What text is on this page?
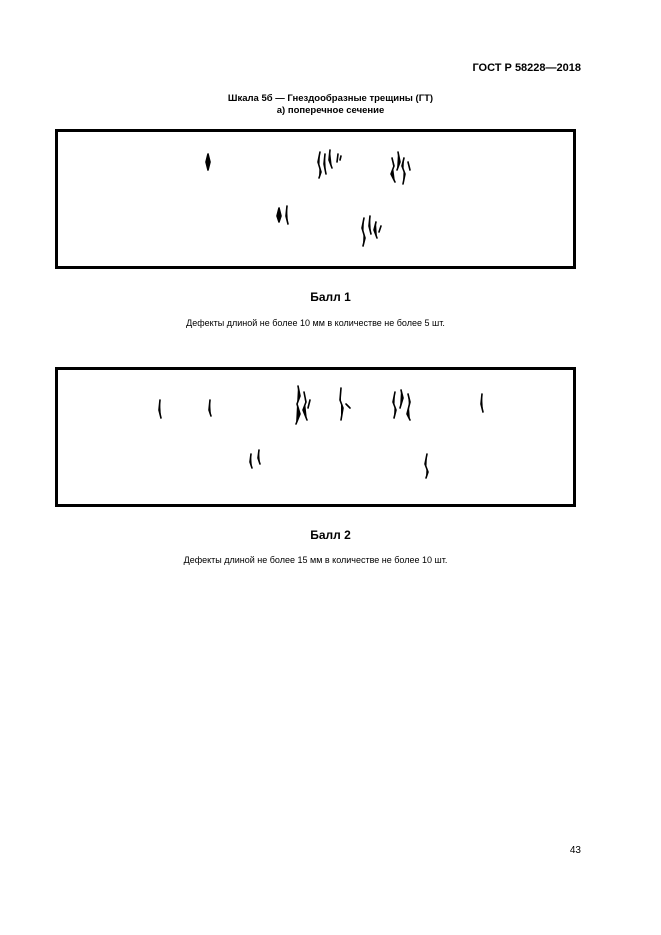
ГОСТ Р 58228—2018
Шкала 5б — Гнездообразные трещины (ГТ)
а) поперечное сечение
Балл 1
Дефекты длиной не более 10 мм в количестве не более 5 шт.
Балл 2
Дефекты длиной не более 15 мм в количестве не более 10 шт.
43
